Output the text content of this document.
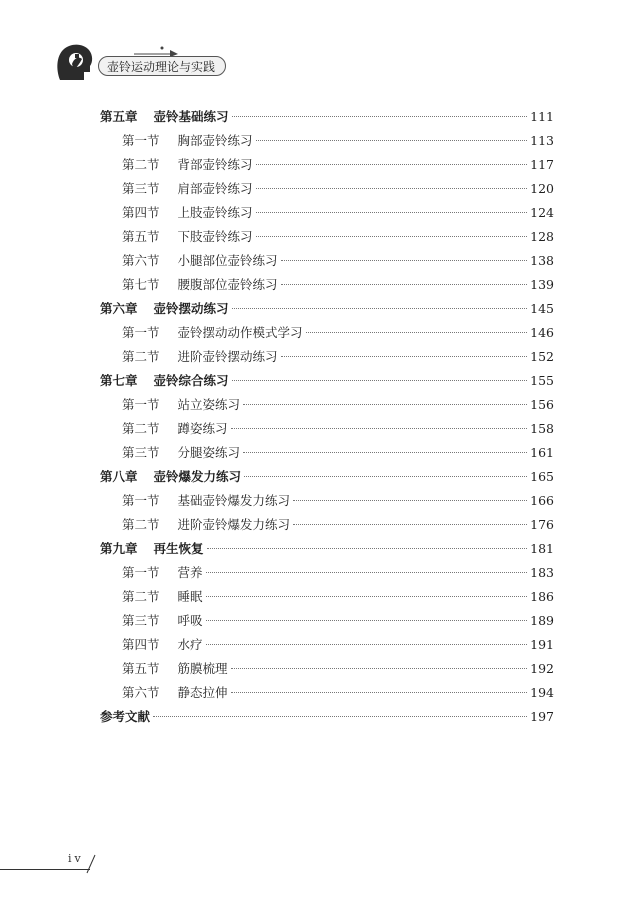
壶铃运动理论与实践
第五章 壶铃基础练习	111
第一节 胸部壶铃练习	113
第二节 背部壶铃练习	117
第三节 肩部壶铃练习	120
第四节 上肢壶铃练习	124
第五节 下肢壶铃练习	128
第六节 小腿部位壶铃练习	138
第七节 腰腹部位壶铃练习	139
第六章 壶铃摆动练习	145
第一节 壶铃摆动动作模式学习	146
第二节 进阶壶铃摆动练习	152
第七章 壶铃综合练习	155
第一节 站立姿练习	156
第二节 蹲姿练习	158
第三节 分腿姿练习	161
第八章 壶铃爆发力练习	165
第一节 基础壶铃爆发力练习	166
第二节 进阶壶铃爆发力练习	176
第九章 再生恢复	181
第一节 营养	183
第二节 睡眠	186
第三节 呼吸	189
第四节 水疗	191
第五节 筋膜梳理	192
第六节 静态拉伸	194
参考文献	197
iv
